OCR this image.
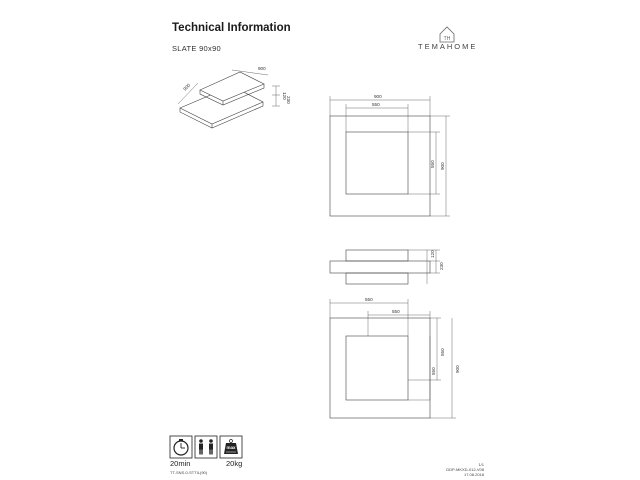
Technical Information
SLATE 90x90
TH
TEMAHOME
900
900
120
230	900
550
550 900
120
230
550
550
550
550	900
max
20min	20kg
TT-SNS-0-STTIL(90)
1/1
GDP-MKXD-012-V08
17.08.2018
